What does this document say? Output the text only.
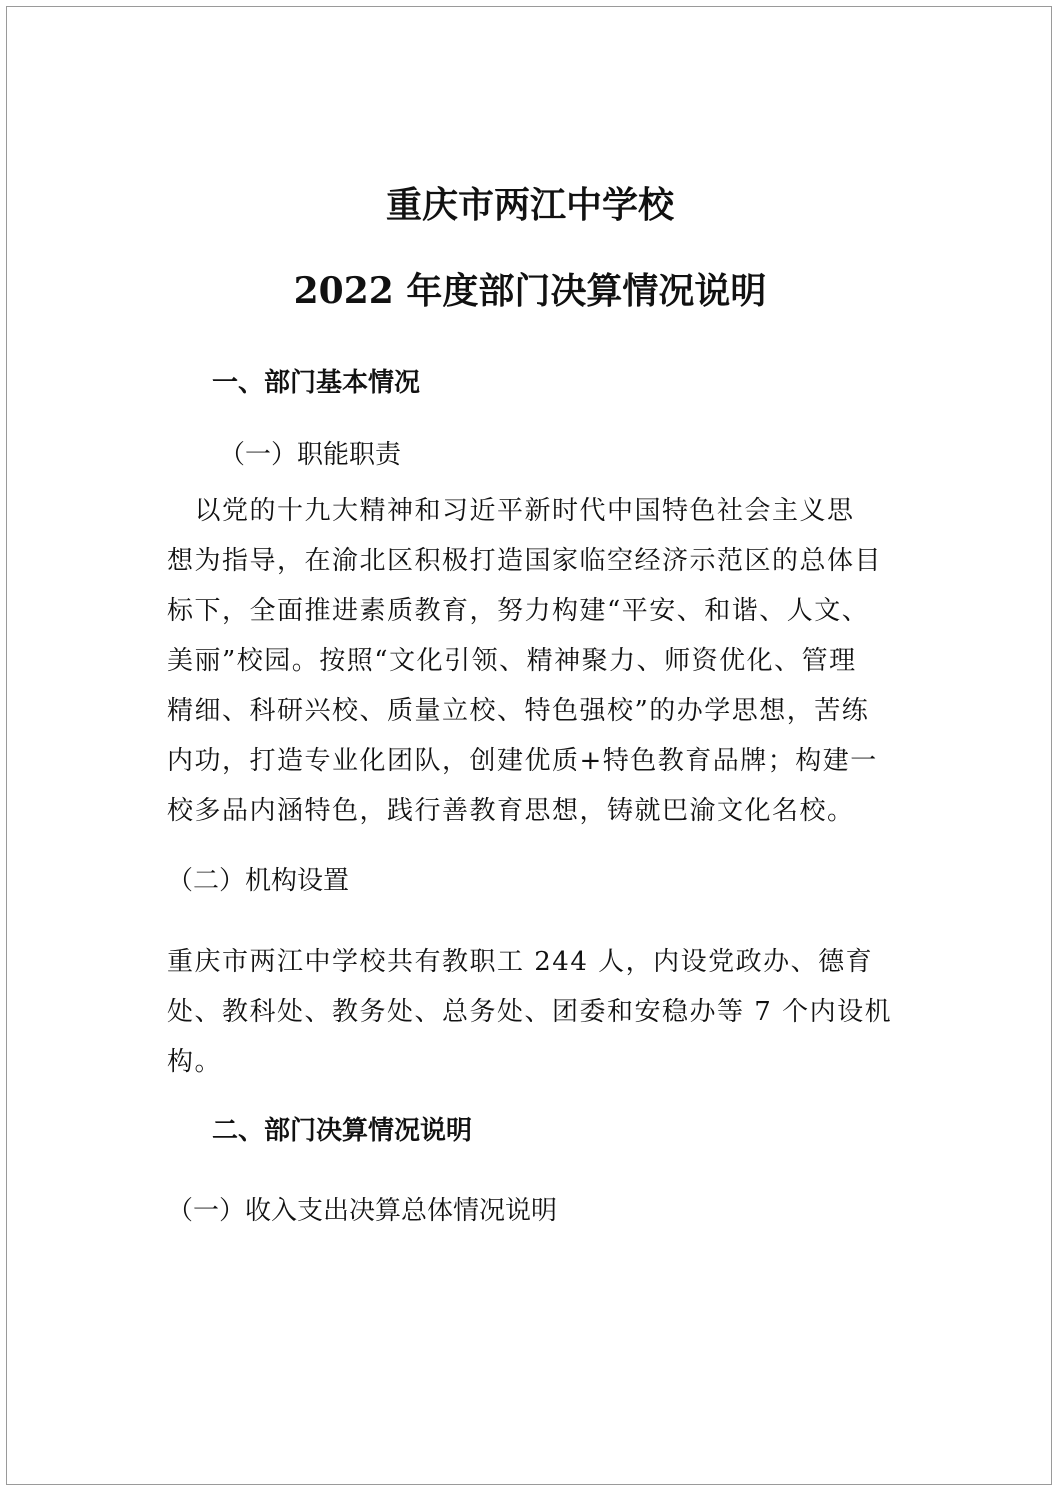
重庆市两江中学校
2022 年度部门决算情况说明
一、部门基本情况
（一）职能职责
　以党的十九大精神和习近平新时代中国特色社会主义思
想为指导，在渝北区积极打造国家临空经济示范区的总体目
标下，全面推进素质教育，努力构建“平安、和谐、人文、
美丽”校园。按照“文化引领、精神聚力、师资优化、管理
精细、科研兴校、质量立校、特色强校”的办学思想，苦练
内功，打造专业化团队，创建优质+特色教育品牌；构建一
校多品内涵特色，践行善教育思想，铸就巴渝文化名校。
（二）机构设置
重庆市两江中学校共有教职工 244 人，内设党政办、德育
处、教科处、教务处、总务处、团委和安稳办等 7 个内设机
构。
二、部门决算情况说明
（一）收入支出决算总体情况说明
